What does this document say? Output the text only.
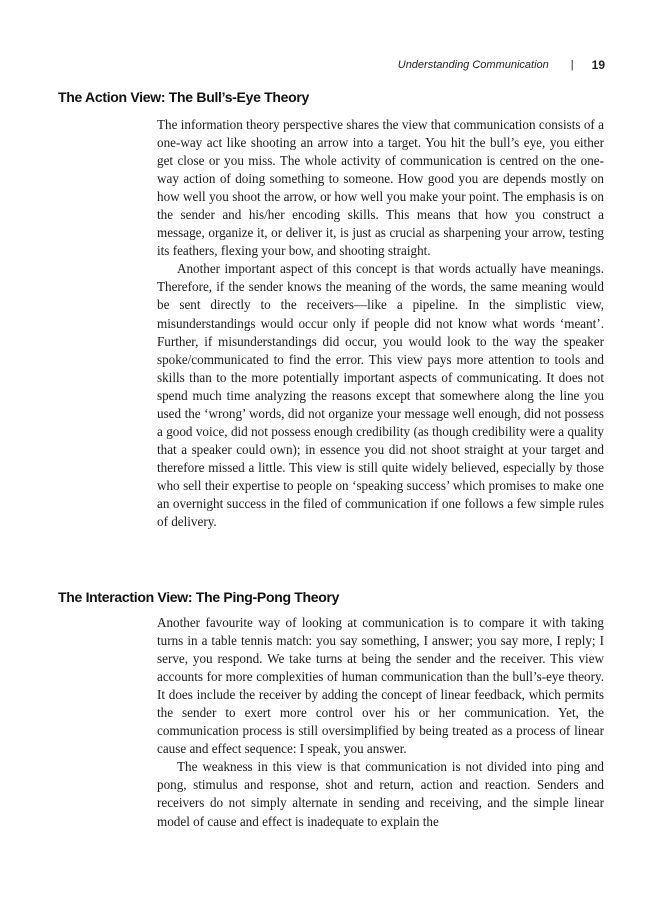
Understanding Communication | 19
The Action View: The Bull’s-Eye Theory

The information theory perspective shares the view that communication consists of a one-way act like shooting an arrow into a target. You hit the bull’s eye, you either get close or you miss. The whole activity of communication is centred on the one-way action of doing something to someone. How good you are depends mostly on how well you shoot the arrow, or how well you make your point. The emphasis is on the sender and his/her encoding skills. This means that how you construct a message, organize it, or deliver it, is just as crucial as sharpening your arrow, testing its feathers, flexing your bow, and shooting straight.

Another important aspect of this concept is that words actually have meanings. Therefore, if the sender knows the meaning of the words, the same meaning would be sent directly to the receivers—like a pipeline. In the simplistic view, misunderstandings would occur only if people did not know what words ‘meant’. Further, if misunderstandings did occur, you would look to the way the speaker spoke/communicated to find the error. This view pays more attention to tools and skills than to the more potentially important aspects of communicating. It does not spend much time analyzing the reasons except that somewhere along the line you used the ‘wrong’ words, did not organize your message well enough, did not possess a good voice, did not possess enough credibility (as though credibility were a quality that a speaker could own); in essence you did not shoot straight at your target and therefore missed a little. This view is still quite widely believed, especially by those who sell their expertise to people on ‘speaking success’ which promises to make one an overnight success in the filed of communication if one follows a few simple rules of delivery.

The Interaction View: The Ping-Pong Theory

Another favourite way of looking at communication is to compare it with taking turns in a table tennis match: you say something, I answer; you say more, I reply; I serve, you respond. We take turns at being the sender and the receiver. This view accounts for more complexities of human communication than the bull’s-eye theory. It does include the receiver by adding the concept of linear feedback, which permits the sender to exert more control over his or her communication. Yet, the communication process is still oversimplified by being treated as a process of linear cause and effect sequence: I speak, you answer.

The weakness in this view is that communication is not divided into ping and pong, stimulus and response, shot and return, action and reaction. Senders and receivers do not simply alternate in sending and receiving, and the simple linear model of cause and effect is inadequate to explain the
